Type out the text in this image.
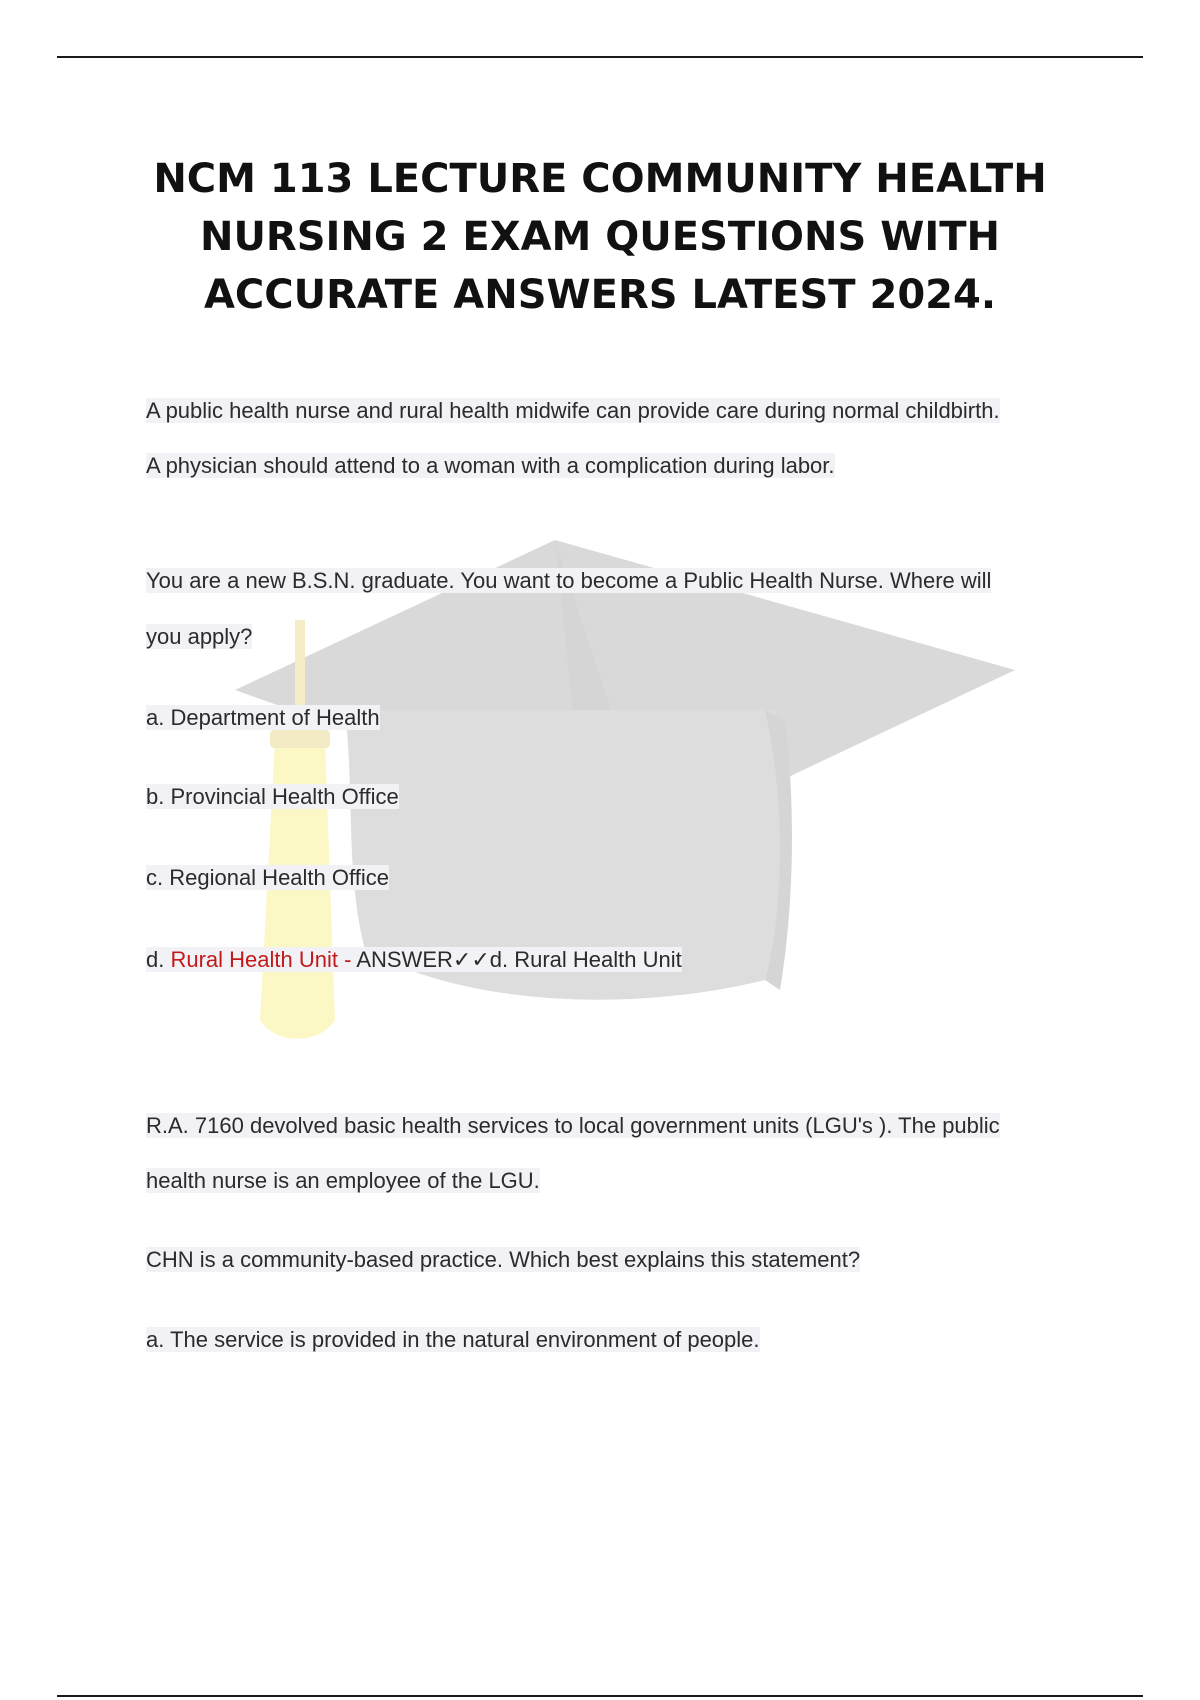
NCM 113 LECTURE COMMUNITY HEALTH
NURSING 2 EXAM QUESTIONS WITH
ACCURATE ANSWERS LATEST 2024.
A public health nurse and rural health midwife can provide care during normal childbirth.
A physician should attend to a woman with a complication during labor.
You are a new B.S.N. graduate. You want to become a Public Health Nurse. Where will
you apply?
a. Department of Health
b. Provincial Health Office
c. Regional Health Office
d. Rural Health Unit - ANSWER✓✓d. Rural Health Unit
R.A. 7160 devolved basic health services to local government units (LGU's ). The public
health nurse is an employee of the LGU.
CHN is a community-based practice. Which best explains this statement?
a. The service is provided in the natural environment of people.
